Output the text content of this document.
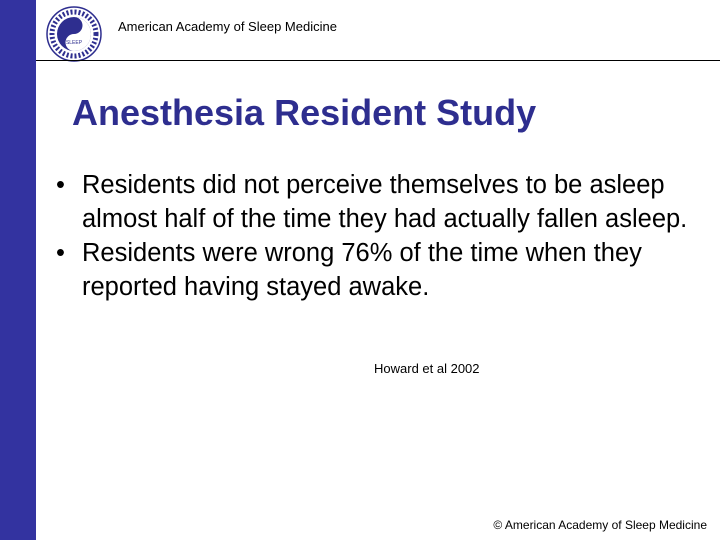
SLEEP
American Academy of Sleep Medicine
Anesthesia Resident Study
• Residents did not perceive themselves to be asleep almost half of the time they had actually fallen asleep.
• Residents were wrong 76% of the time when they reported having stayed awake.
Howard et al 2002
© American Academy of Sleep Medicine
